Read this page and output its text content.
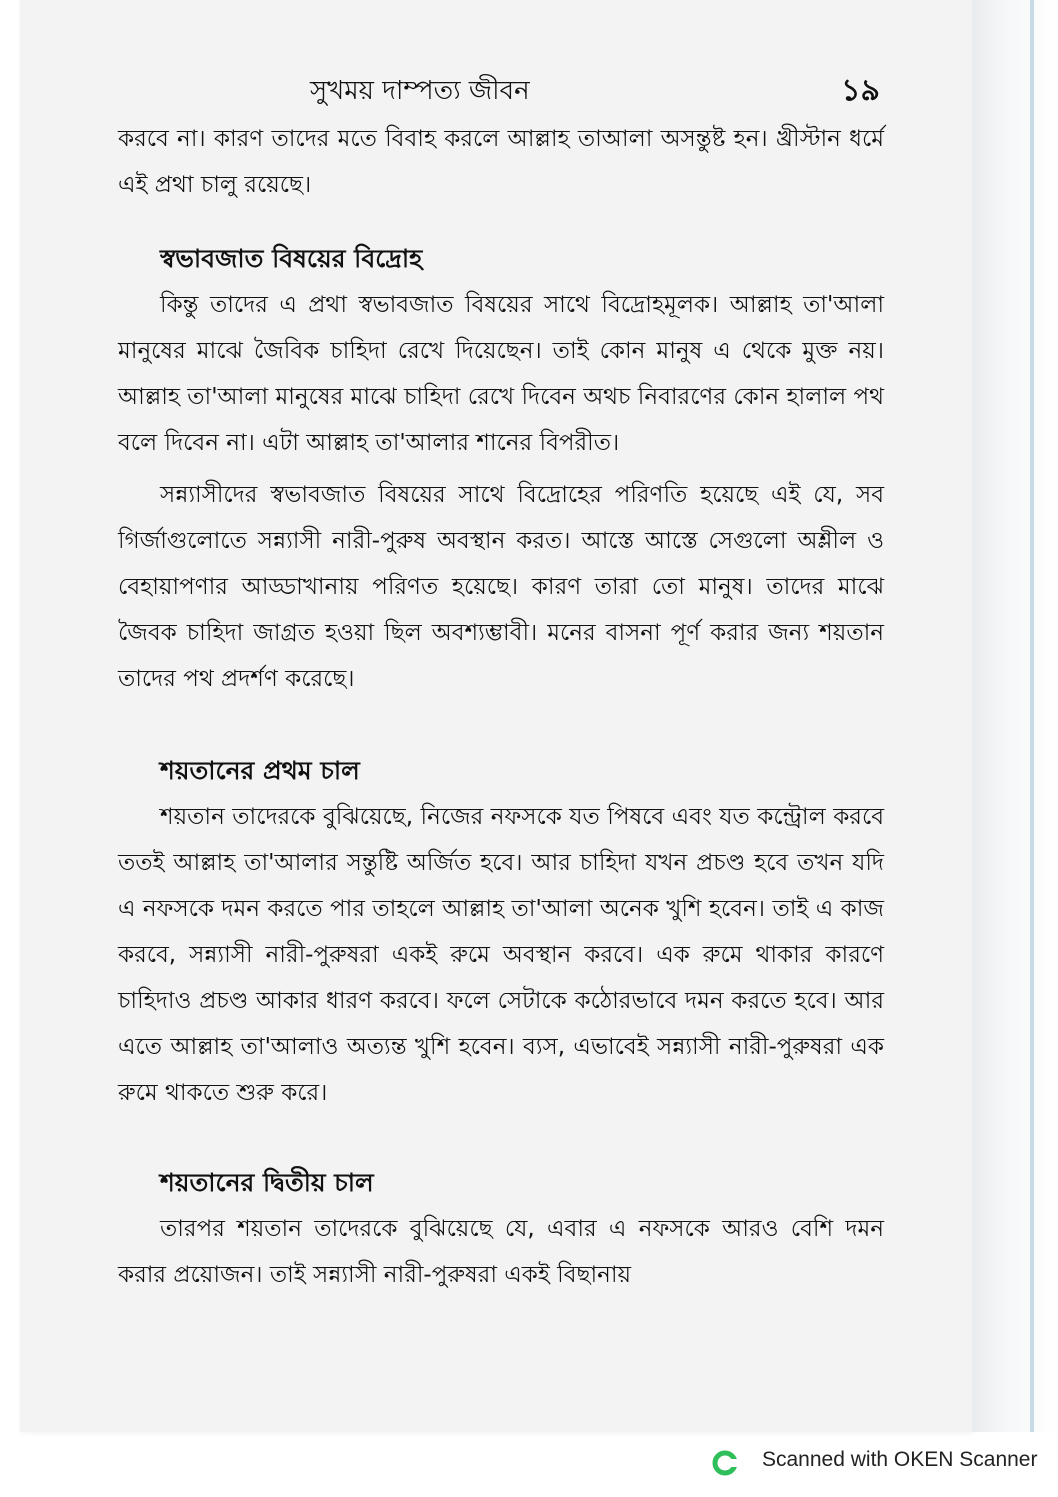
সুখময় দাম্পত্য জীবন	১৯

করবে না। কারণ তাদের মতে বিবাহ করলে আল্লাহ তাআলা অসন্তুষ্ট হন। খ্রীস্টান ধর্মে এই প্রথা চালু রয়েছে।

স্বভাবজাত বিষয়ের বিদ্রোহ

কিন্তু তাদের এ প্রথা স্বভাবজাত বিষয়ের সাথে বিদ্রোহমূলক। আল্লাহ তা'আলা মানুষের মাঝে জৈবিক চাহিদা রেখে দিয়েছেন। তাই কোন মানুষ এ থেকে মুক্ত নয়। আল্লাহ তা'আলা মানুষের মাঝে চাহিদা রেখে দিবেন অথচ নিবারণের কোন হালাল পথ বলে দিবেন না। এটা আল্লাহ তা'আলার শানের বিপরীত।

সন্ন্যাসীদের স্বভাবজাত বিষয়ের সাথে বিদ্রোহের পরিণতি হয়েছে এই যে, সব গির্জাগুলোতে সন্ন্যাসী নারী-পুরুষ অবস্থান করত। আস্তে আস্তে সেগুলো অশ্লীল ও বেহায়াপণার আড্ডাখানায় পরিণত হয়েছে। কারণ তারা তো মানুষ। তাদের মাঝে জৈবক চাহিদা জাগ্রত হওয়া ছিল অবশ্যম্ভাবী। মনের বাসনা পূর্ণ করার জন্য শয়তান তাদের পথ প্রদর্শণ করেছে।

শয়তানের প্রথম চাল

শয়তান তাদেরকে বুঝিয়েছে, নিজের নফসকে যত পিষবে এবং যত কন্ট্রোল করবে ততই আল্লাহ তা'আলার সন্তুষ্টি অর্জিত হবে। আর চাহিদা যখন প্রচণ্ড হবে তখন যদি এ নফসকে দমন করতে পার তাহলে আল্লাহ তা'আলা অনেক খুশি হবেন। তাই এ কাজ করবে, সন্ন্যাসী নারী-পুরুষরা একই রুমে অবস্থান করবে। এক রুমে থাকার কারণে চাহিদাও প্রচণ্ড আকার ধারণ করবে। ফলে সেটাকে কঠোরভাবে দমন করতে হবে। আর এতে আল্লাহ তা'আলাও অত্যন্ত খুশি হবেন। ব্যস, এভাবেই সন্ন্যাসী নারী-পুরুষরা এক রুমে থাকতে শুরু করে।

শয়তানের দ্বিতীয় চাল

তারপর শয়তান তাদেরকে বুঝিয়েছে যে, এবার এ নফসকে আরও বেশি দমন করার প্রয়োজন। তাই সন্ন্যাসী নারী-পুরুষরা একই বিছানায়

Scanned with OKEN Scanner
